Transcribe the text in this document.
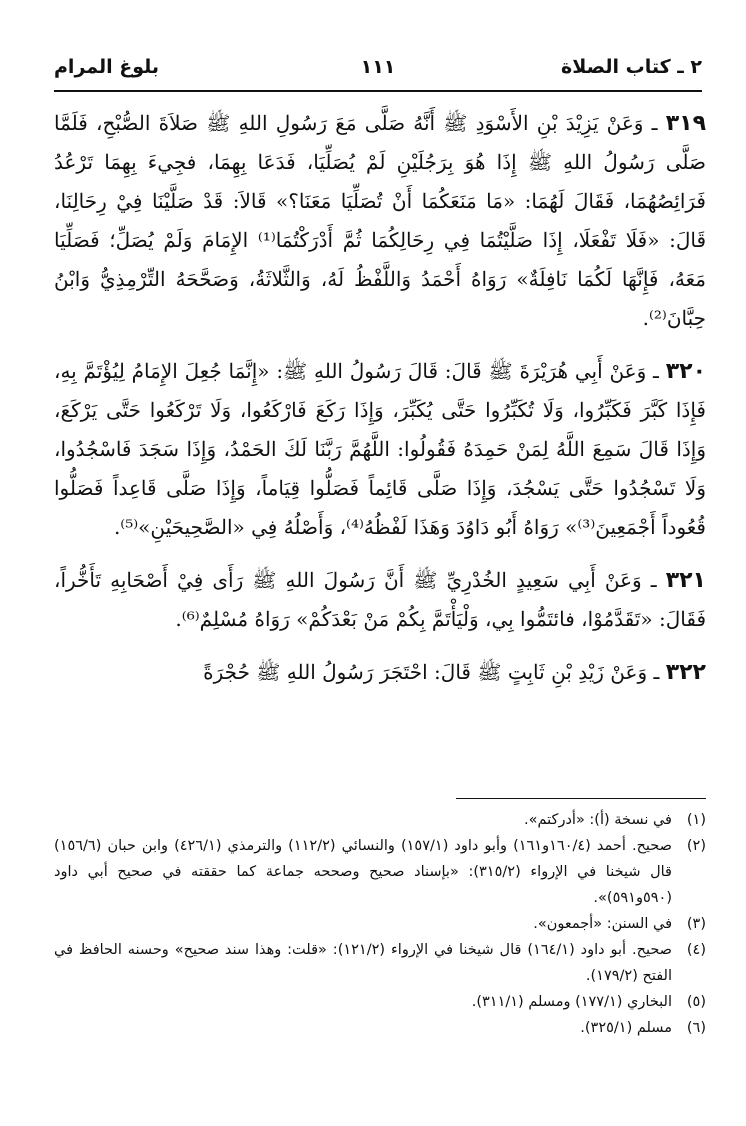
٢ ـ كتاب الصلاة
١١١
بلوغ المرام

٣١٩ ـ وَعَنْ يَزِيْدَ بْنِ الأَسْوَدِ ﷺ أَنَّهُ صَلَّى مَعَ رَسُولِ اللهِ ﷺ صَلاَةَ الصُّبْحِ، فَلَمَّا صَلَّى رَسُولُ اللهِ ﷺ إِذَا هُوَ بِرَجُلَيْنِ لَمْ يُصَلِّيَا، فَدَعَا بِهِمَا، فجِيءَ بِهِمَا تَرْعُدُ فَرَائِصُهُمَا، فَقَالَ لَهُمَا: «مَا مَنَعَكُمَا أَنْ تُصَلِّيَا مَعَنَا؟» قَالاَ: قَدْ صَلَّيْنَا فِيْ رِحَالِنَا، قَالَ: «فَلَا تَفْعَلَا، إِذَا صَلَّيْتُمَا فِي رِحَالِكُمَا ثُمَّ أَدْرَكْتُمَا⁽¹⁾ الإِمَامَ وَلَمْ يُصَلِّ؛ فَصَلِّيَا مَعَهُ، فَإِنَّهَا لَكُمَا نَافِلَةٌ» رَوَاهُ أَحْمَدُ وَاللَّفْظُ لَهُ، وَالثَّلاثَةُ، وَصَحَّحَهُ التِّرْمِذِيُّ وَابْنُ حِبَّانَ⁽²⁾.

٣٢٠ ـ وَعَنْ أَبِي هُرَيْرَةَ ﷺ قَالَ: قَالَ رَسُولُ اللهِ ﷺ: «إِنَّمَا جُعِلَ الإِمَامُ لِيُؤْتَمَّ بِهِ، فَإِذَا كَبَّرَ فَكَبِّرُوا، وَلَا تُكَبِّرُوا حَتَّى يُكَبِّرَ، وَإِذَا رَكَعَ فَارْكَعُوا، وَلَا تَرْكَعُوا حَتَّى يَرْكَعَ، وَإِذَا قَالَ سَمِعَ اللَّهُ لِمَنْ حَمِدَهُ فَقُولُوا: اللَّهُمَّ رَبَّنَا لَكَ الحَمْدُ، وَإِذَا سَجَدَ فَاسْجُدُوا، وَلَا تَسْجُدُوا حَتَّى يَسْجُدَ، وَإِذَا صَلَّى قَائِماً فَصَلُّوا قِيَاماً، وَإِذَا صَلَّى قَاعِداً فَصَلُّوا قُعُوداً أَجْمَعِينَ⁽³⁾» رَوَاهُ أَبُو دَاوُدَ وَهَذَا لَفْظُهُ⁽⁴⁾، وَأَصْلُهُ فِي «الصَّحِيحَيْنِ»⁽⁵⁾.

٣٢١ ـ وَعَنْ أَبِي سَعِيدٍ الخُدْرِيِّ ﷺ أَنَّ رَسُولَ اللهِ ﷺ رَأَى فِيْ أَصْحَابِهِ تَأَخُّراً، فَقَالَ: «تَقَدَّمُوْا، فائتَمُّوا بِي، وَلْيَأْتَمَّ بِكُمْ مَنْ بَعْدَكُمْ» رَوَاهُ مُسْلِمٌ⁽⁶⁾.

٣٢٢ ـ وَعَنْ زَيْدِ بْنِ ثَابِتٍ ﷺ قَالَ: احْتَجَرَ رَسُولُ اللهِ ﷺ حُجْرَةً

(١)
في نسخة (أ): «أدركتم».
(٢)
صحيح. أحمد (١٦٠/٤و١٦١) وأبو داود (١٥٧/١) والنسائي (١١٢/٢) والترمذي (٤٢٦/١) وابن حبان (١٥٦/٦) قال شيخنا في الإرواء (٣١٥/٢): «بإسناد صحيح وصححه جماعة كما حققته في صحيح أبي داود (٥٩٠و٥٩١)».
(٣)
في السنن: «أجمعون».
(٤)
صحيح. أبو داود (١٦٤/١) قال شيخنا في الإرواء (١٢١/٢): «قلت: وهذا سند صحيح» وحسنه الحافظ في الفتح (١٧٩/٢).
(٥)
البخاري (١٧٧/١) ومسلم (٣١١/١).
(٦)
مسلم (٣٢٥/١).
